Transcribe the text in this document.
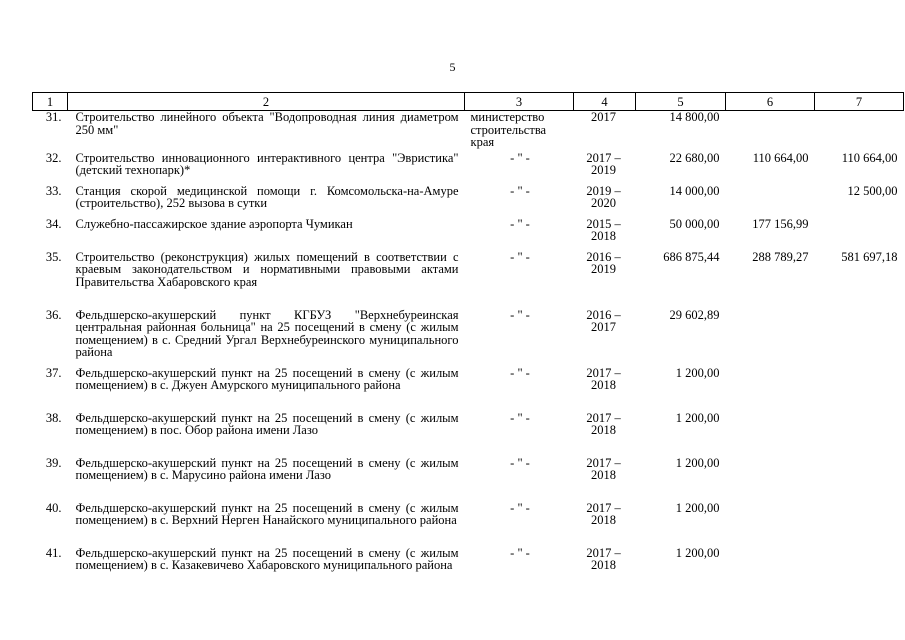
5
1	2	3	4	5	6	7
31.	Строительство линейного объекта "Водопроводная линия диаметром 250 мм"	министерство строительства края	2017	14 800,00		
32.	Строительство инновационного интерактивного центра "Эвристика" (детский технопарк)*	- " -	2017 – 2019	22 680,00	110 664,00	110 664,00
33.	Станция скорой медицинской помощи г. Комсомольска-на-Амуре (строительство), 252 вызова в сутки	- " -	2019 – 2020	14 000,00		12 500,00
34.	Служебно-пассажирское здание аэропорта Чумикан	- " -	2015 – 2018	50 000,00	177 156,99	
35.	Строительство (реконструкция) жилых помещений в соответствии с краевым законодательством и нормативными правовыми актами Правительства Хабаровского края	- " -	2016 – 2019	686 875,44	288 789,27	581 697,18
36.	Фельдшерско-акушерский пункт КГБУЗ "Верхнебуреинская центральная районная больница" на 25 посещений в смену (с жилым помещением) в с. Средний Ургал Верхнебуреинского муниципального района	- " -	2016 – 2017	29 602,89		
37.	Фельдшерско-акушерский пункт на 25 посещений в смену (с жилым помещением) в с. Джуен Амурского муниципального района	- " -	2017 – 2018	1 200,00		
38.	Фельдшерско-акушерский пункт на 25 посещений в смену (с жилым помещением) в пос. Обор района имени Лазо	- " -	2017 – 2018	1 200,00		
39.	Фельдшерско-акушерский пункт на 25 посещений в смену (с жилым помещением) в с. Марусино района имени Лазо	- " -	2017 – 2018	1 200,00		
40.	Фельдшерско-акушерский пункт на 25 посещений в смену (с жилым помещением) в с. Верхний Нерген Нанайского муниципального района	- " -	2017 – 2018	1 200,00		
41.	Фельдшерско-акушерский пункт на 25 посещений в смену (с жилым помещением) в с. Казакевичево Хабаровского муниципального района	- " -	2017 – 2018	1 200,00		
